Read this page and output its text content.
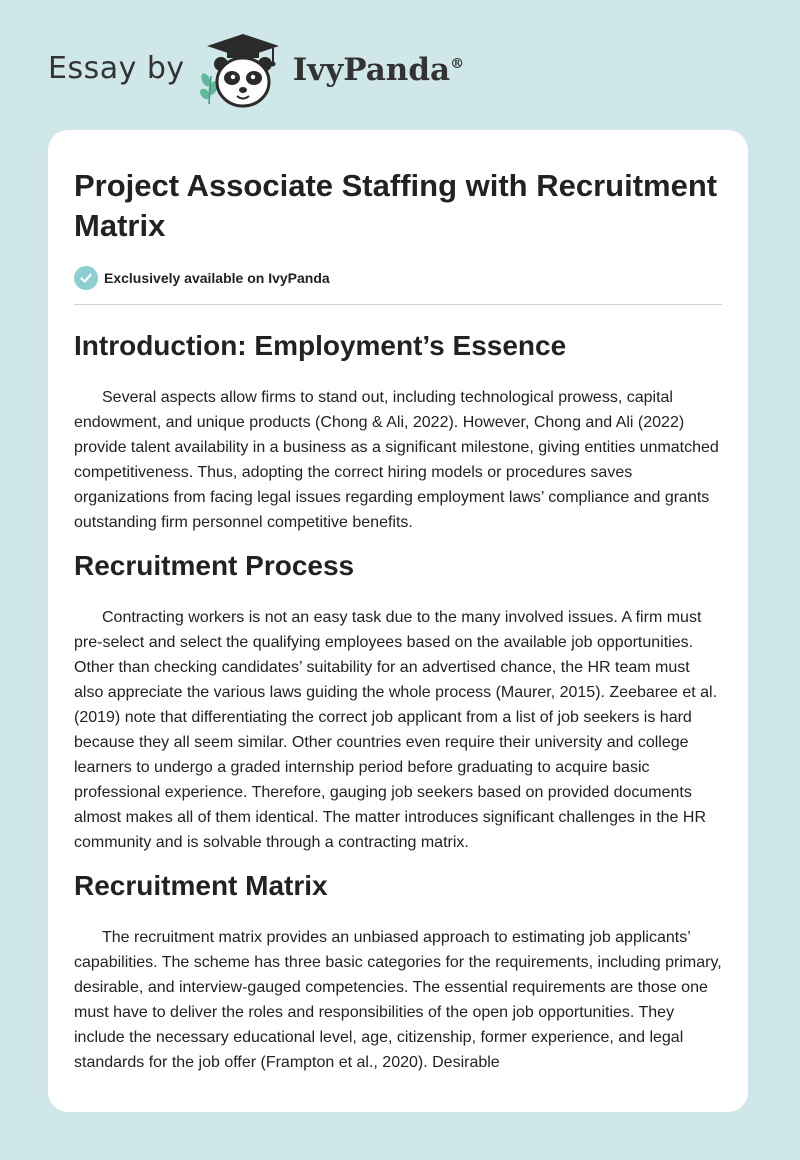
Essay by	IvyPanda®
Project Associate Staffing with Recruitment Matrix
Exclusively available on IvyPanda
Introduction: Employment’s Essence

Several aspects allow firms to stand out, including technological prowess, capital endowment, and unique products (Chong & Ali, 2022). However, Chong and Ali (2022) provide talent availability in a business as a significant milestone, giving entities unmatched competitiveness. Thus, adopting the correct hiring models or procedures saves organizations from facing legal issues regarding employment laws’ compliance and grants outstanding firm personnel competitive benefits.

Recruitment Process

Contracting workers is not an easy task due to the many involved issues. A firm must pre-select and select the qualifying employees based on the available job opportunities. Other than checking candidates’ suitability for an advertised chance, the HR team must also appreciate the various laws guiding the whole process (Maurer, 2015). Zeebaree et al. (2019) note that differentiating the correct job applicant from a list of job seekers is hard because they all seem similar. Other countries even require their university and college learners to undergo a graded internship period before graduating to acquire basic professional experience. Therefore, gauging job seekers based on provided documents almost makes all of them identical. The matter introduces significant challenges in the HR community and is solvable through a contracting matrix.

Recruitment Matrix

The recruitment matrix provides an unbiased approach to estimating job applicants’ capabilities. The scheme has three basic categories for the requirements, including primary, desirable, and interview-gauged competencies. The essential requirements are those one must have to deliver the roles and responsibilities of the open job opportunities. They include the necessary educational level, age, citizenship, former experience, and legal standards for the job offer (Frampton et al., 2020). Desirable
